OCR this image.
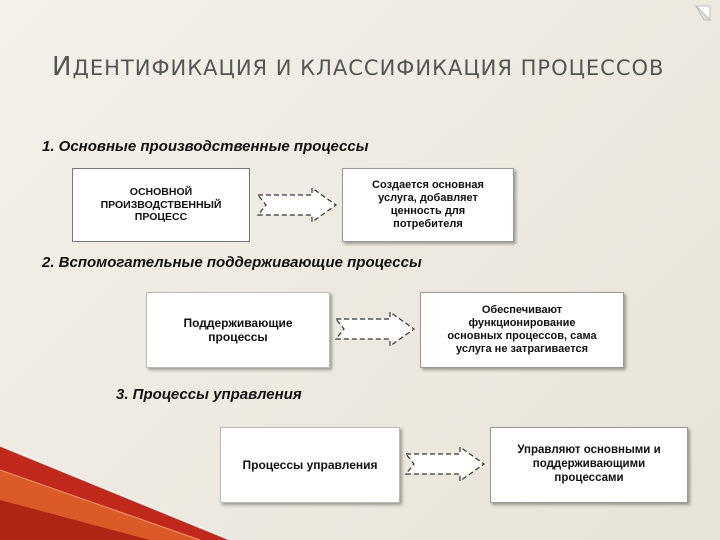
ИДЕНТИФИКАЦИЯ И КЛАССИФИКАЦИЯ ПРОЦЕССОВ
1. Основные производственные процессы
ОСНОВНОЙ
ПРОИЗВОДСТВЕННЫЙ
ПРОЦЕСС
Создается основная
услуга, добавляет
ценность для
потребителя
2. Вспомогательные поддерживающие процессы
Поддерживающие
процессы
Обеспечивают
функционирование
основных процессов, сама
услуга не затрагивается
3. Процессы управления
Процессы управления
Управляют основными и
поддерживающими
процессами
